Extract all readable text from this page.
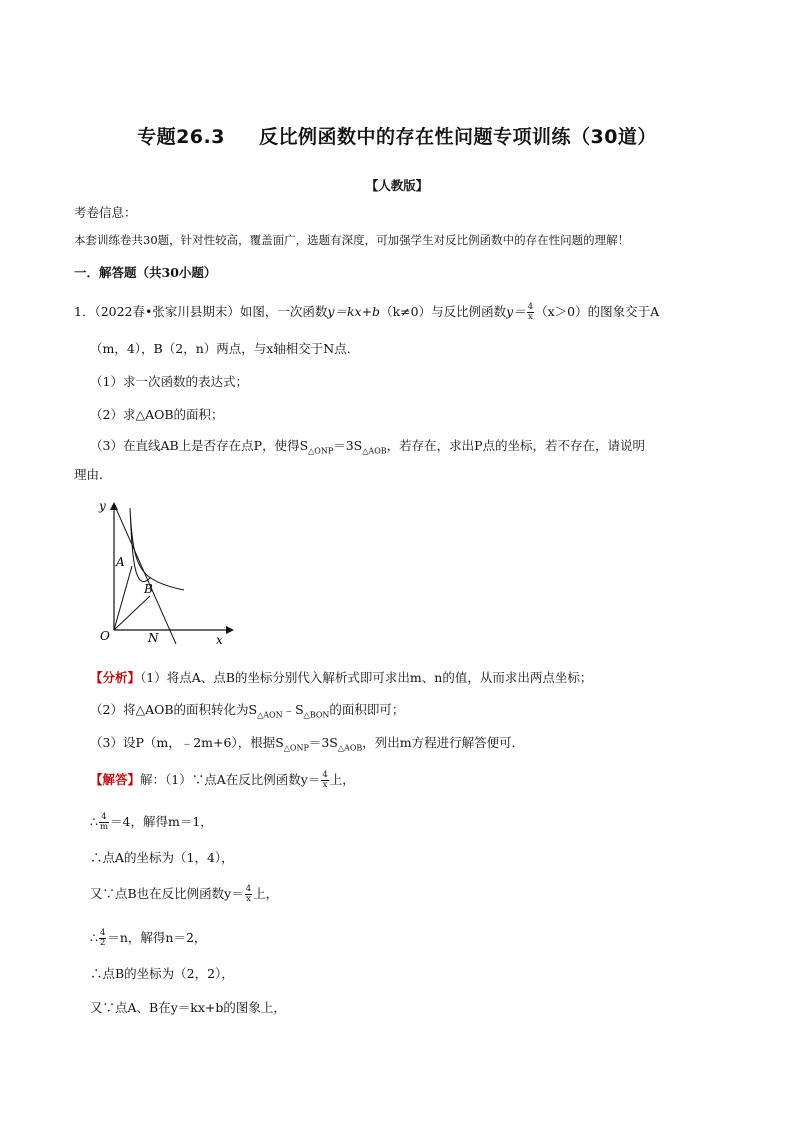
专题26.3 反比例函数中的存在性问题专项训练（30道）
【人教版】
考卷信息：
本套训练卷共30题，针对性较高，覆盖面广，选题有深度，可加强学生对反比例函数中的存在性问题的理解！
一．解答题（共30小题）
1．（2022春•张家川县期末）如图，一次函数y＝kx+b（k≠0）与反比例函数$y= \frac{4}{x} (x>0)$的图象交于A
（m，4），B（2，n）两点，与x轴相交于N点．
（1）求一次函数的表达式；
（2）求△AOB的面积；
（3）在直线AB上是否存在点P，使得$S_{\triangle ONP}=3S_{\triangle AOB}$，若存在，求出P点的坐标，若不存在，请说明
理由．
y
x
O
A
B
N
【分析】（1）将点A、点B的坐标分别代入解析式即可求出m、n的值，从而求出两点坐标；
（2）将△AOB的面积转化为$S_{\triangle AON}﹣S_{\triangle BON}$的面积即可；
（3）设P（m，﹣2m+6），根据$S_{\triangle ONP}=3S_{\triangle AOB}$，列出m方程进行解答便可．
【解答】解：（1）∵点A在反比例函数$y= \frac{4}{x}$ 上，
∴ $\frac{4}{m} =4$，解得m＝1，
∴点A的坐标为（1，4），
又∵点B也在反比例函数$y= \frac{4}{x}$ 上，
∴ $\frac{4}{2} =n$，解得n＝2，
∴点B的坐标为（2，2），
又∵点A、B在y＝kx+b的图象上，
